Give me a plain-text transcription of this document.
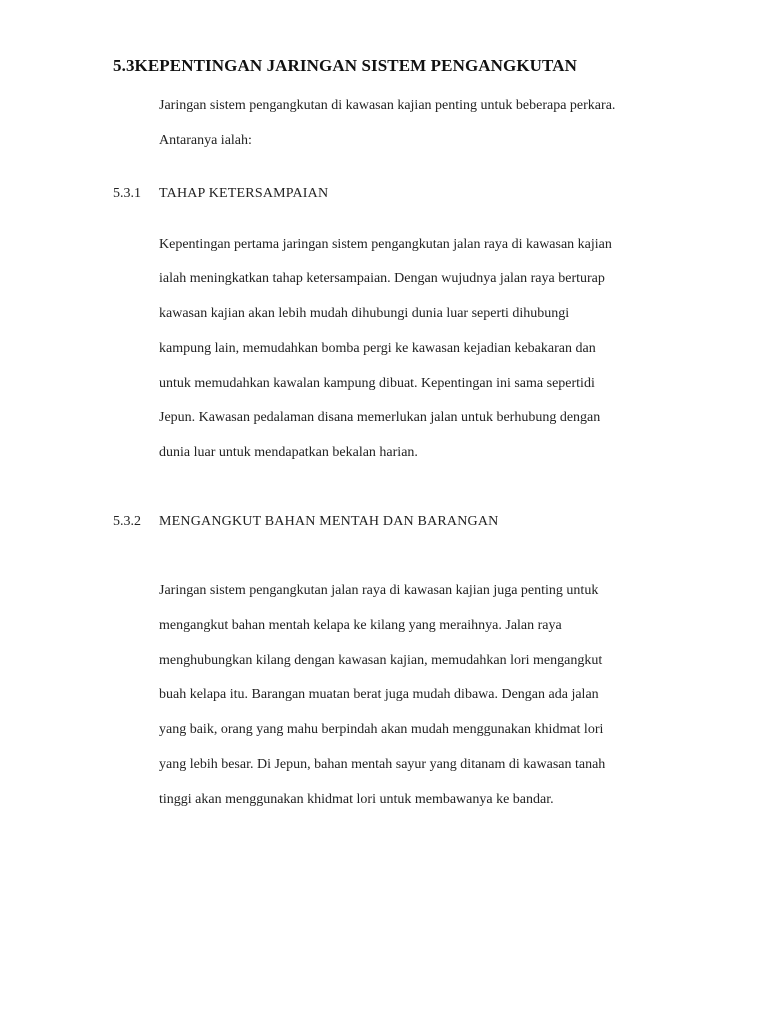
5.3KEPENTINGAN JARINGAN SISTEM PENGANGKUTAN
Jaringan sistem pengangkutan di kawasan kajian penting untuk beberapa perkara.
Antaranya ialah:
5.3.1 TAHAP KETERSAMPAIAN
Kepentingan pertama jaringan sistem pengangkutan jalan raya di kawasan kajian
ialah meningkatkan tahap ketersampaian. Dengan wujudnya jalan raya berturap
kawasan kajian akan lebih mudah dihubungi dunia luar seperti dihubungi
kampung lain, memudahkan bomba pergi ke kawasan kejadian kebakaran dan
untuk memudahkan kawalan kampung dibuat. Kepentingan ini sama sepertidi
Jepun. Kawasan pedalaman disana memerlukan jalan untuk berhubung dengan
dunia luar untuk mendapatkan bekalan harian.
5.3.2 MENGANGKUT BAHAN MENTAH DAN BARANGAN
Jaringan sistem pengangkutan jalan raya di kawasan kajian juga penting untuk
mengangkut bahan mentah kelapa ke kilang yang meraihnya. Jalan raya
menghubungkan kilang dengan kawasan kajian, memudahkan lori mengangkut
buah kelapa itu. Barangan muatan berat juga mudah dibawa. Dengan ada jalan
yang baik, orang yang mahu berpindah akan mudah menggunakan khidmat lori
yang lebih besar. Di Jepun, bahan mentah sayur yang ditanam di kawasan tanah
tinggi akan menggunakan khidmat lori untuk membawanya ke bandar.
